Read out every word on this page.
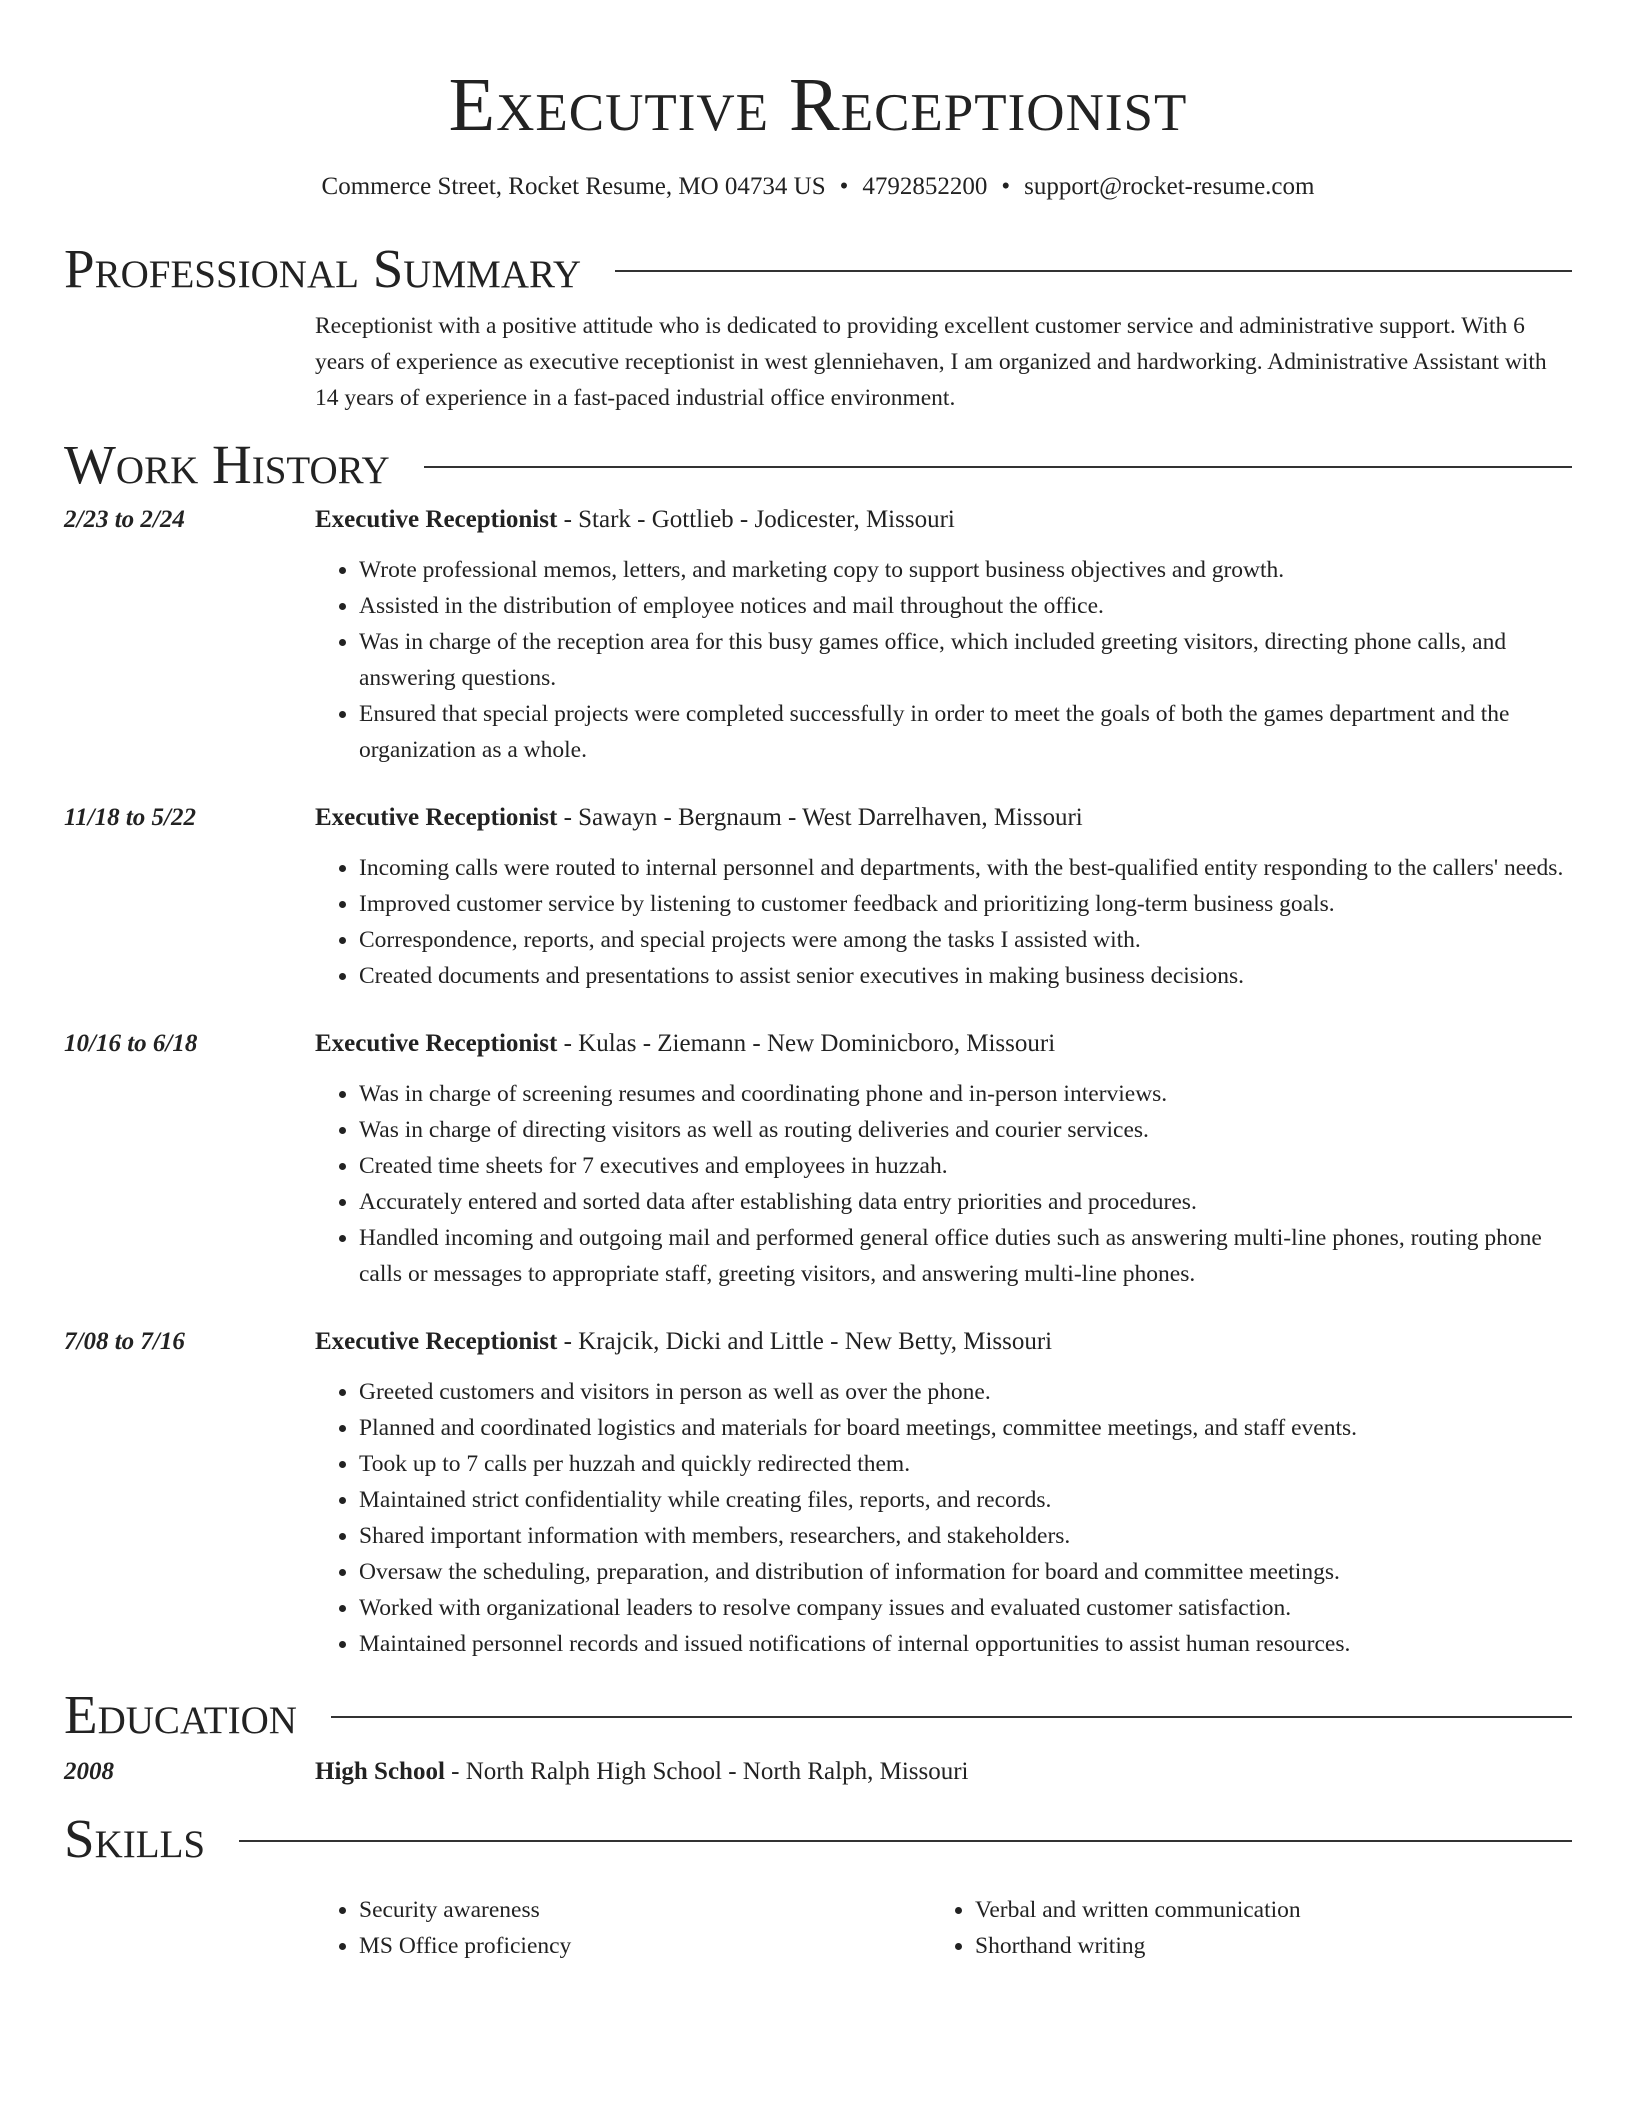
Executive Receptionist
Commerce Street, Rocket Resume, MO 04734 US • 4792852200 • support@rocket-resume.com
Professional Summary
Receptionist with a positive attitude who is dedicated to providing excellent customer service and administrative support. With 6 years of experience as executive receptionist in west glenniehaven, I am organized and hardworking. Administrative Assistant with 14 years of experience in a fast-paced industrial office environment.
Work History
2/23 to 2/24	Executive Receptionist - Stark - Gottlieb - Jodicester, Missouri
• Wrote professional memos, letters, and marketing copy to support business objectives and growth.
• Assisted in the distribution of employee notices and mail throughout the office.
• Was in charge of the reception area for this busy games office, which included greeting visitors, directing phone calls, and answering questions.
• Ensured that special projects were completed successfully in order to meet the goals of both the games department and the organization as a whole.
11/18 to 5/22	Executive Receptionist - Sawayn - Bergnaum - West Darrelhaven, Missouri
• Incoming calls were routed to internal personnel and departments, with the best-qualified entity responding to the callers' needs.
• Improved customer service by listening to customer feedback and prioritizing long-term business goals.
• Correspondence, reports, and special projects were among the tasks I assisted with.
• Created documents and presentations to assist senior executives in making business decisions.
10/16 to 6/18	Executive Receptionist - Kulas - Ziemann - New Dominicboro, Missouri
• Was in charge of screening resumes and coordinating phone and in-person interviews.
• Was in charge of directing visitors as well as routing deliveries and courier services.
• Created time sheets for 7 executives and employees in huzzah.
• Accurately entered and sorted data after establishing data entry priorities and procedures.
• Handled incoming and outgoing mail and performed general office duties such as answering multi-line phones, routing phone calls or messages to appropriate staff, greeting visitors, and answering multi-line phones.
7/08 to 7/16	Executive Receptionist - Krajcik, Dicki and Little - New Betty, Missouri
• Greeted customers and visitors in person as well as over the phone.
• Planned and coordinated logistics and materials for board meetings, committee meetings, and staff events.
• Took up to 7 calls per huzzah and quickly redirected them.
• Maintained strict confidentiality while creating files, reports, and records.
• Shared important information with members, researchers, and stakeholders.
• Oversaw the scheduling, preparation, and distribution of information for board and committee meetings.
• Worked with organizational leaders to resolve company issues and evaluated customer satisfaction.
• Maintained personnel records and issued notifications of internal opportunities to assist human resources.
Education
2008	High School - North Ralph High School - North Ralph, Missouri
Skills
• Security awareness
• MS Office proficiency
• Verbal and written communication
• Shorthand writing
